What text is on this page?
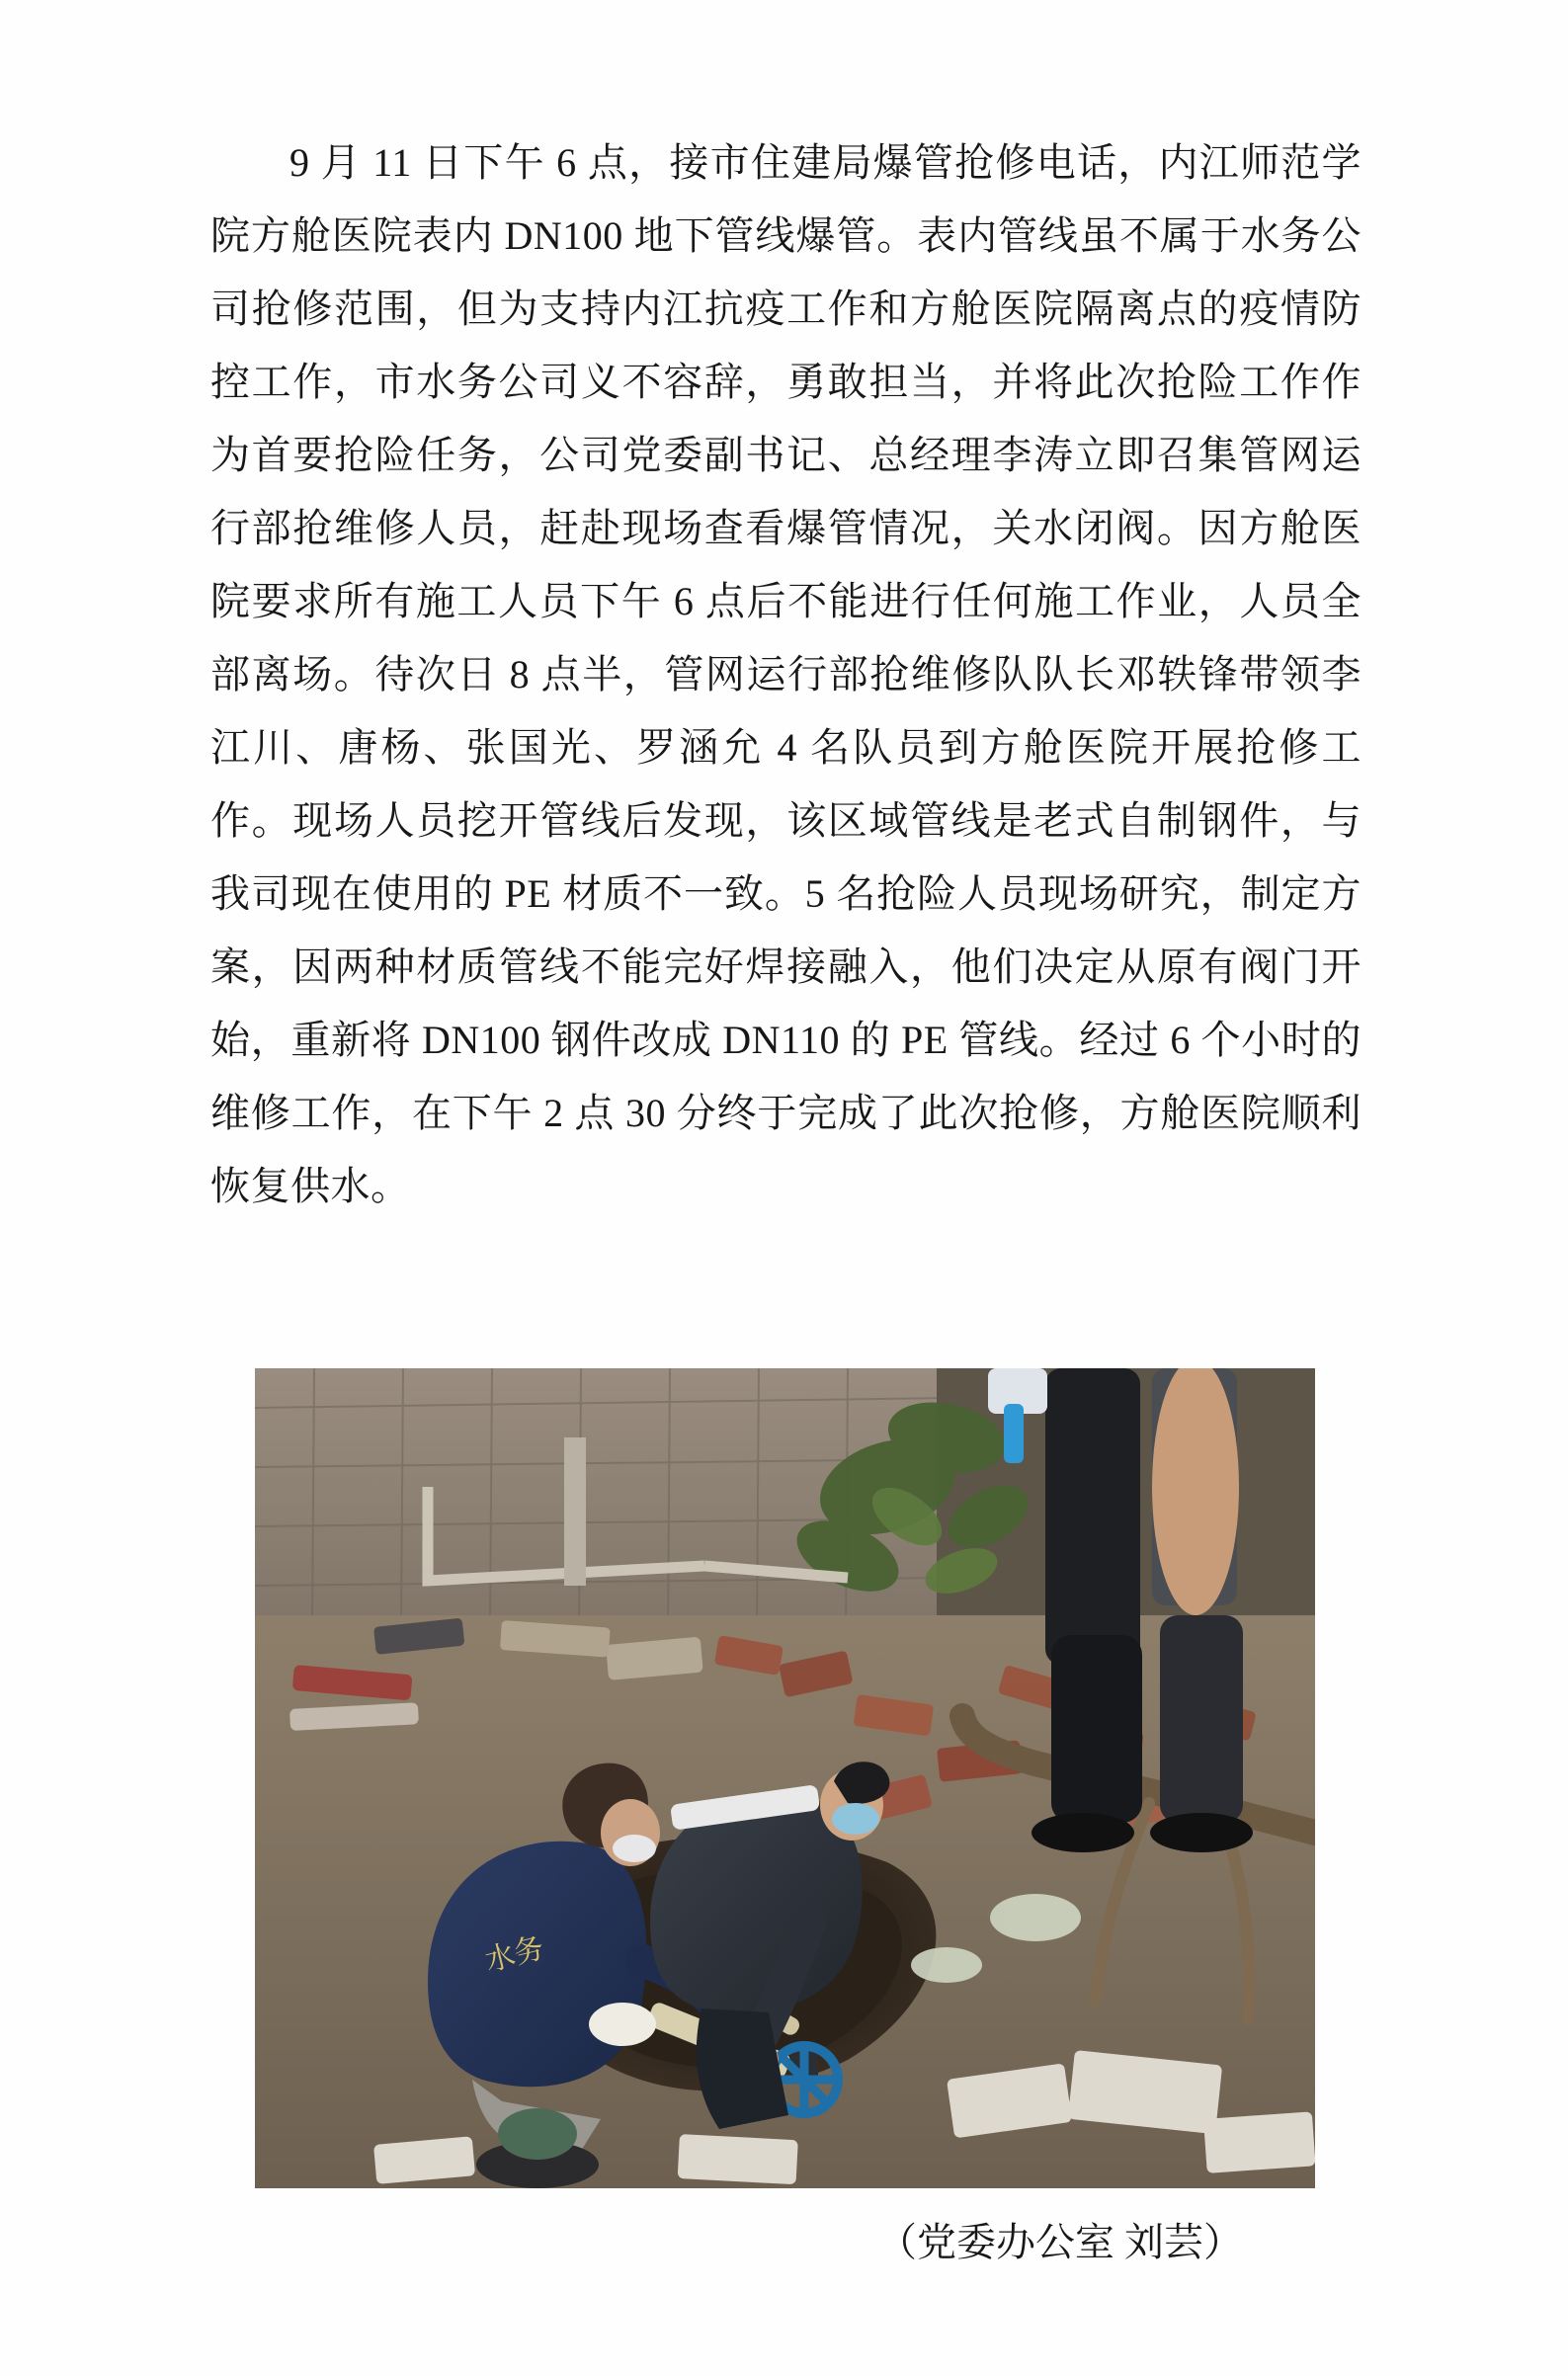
9 月 11 日下午 6 点，接市住建局爆管抢修电话，内江师范学院方舱医院表内 DN100 地下管线爆管。表内管线虽不属于水务公司抢修范围，但为支持内江抗疫工作和方舱医院隔离点的疫情防控工作，市水务公司义不容辞，勇敢担当，并将此次抢险工作作为首要抢险任务，公司党委副书记、总经理李涛立即召集管网运行部抢维修人员，赶赴现场查看爆管情况，关水闭阀。因方舱医院要求所有施工人员下午 6 点后不能进行任何施工作业，人员全部离场。待次日 8 点半，管网运行部抢维修队队长邓轶锋带领李江川、唐杨、张国光、罗涵允 4 名队员到方舱医院开展抢修工作。现场人员挖开管线后发现，该区域管线是老式自制钢件，与我司现在使用的 PE 材质不一致。5 名抢险人员现场研究，制定方案，因两种材质管线不能完好焊接融入，他们决定从原有阀门开始，重新将 DN100 钢件改成 DN110 的 PE 管线。经过 6 个小时的维修工作，在下午 2 点 30 分终于完成了此次抢修，方舱医院顺利恢复供水。

水务
（党委办公室 刘芸）
